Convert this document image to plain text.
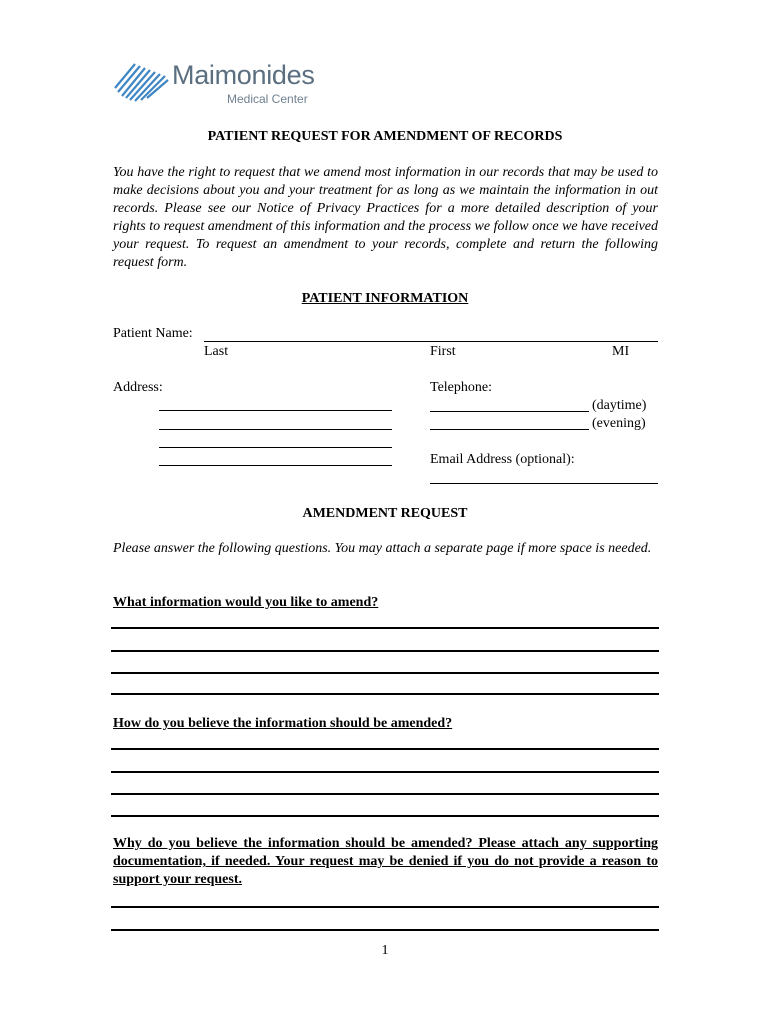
Maimonides
Medical Center
PATIENT REQUEST FOR AMENDMENT OF RECORDS
You have the right to request that we amend most information in our records that may be used to make decisions about you and your treatment for as long as we maintain the information in out records. Please see our Notice of Privacy Practices for a more detailed description of your rights to request amendment of this information and the process we follow once we have received your request. To request an amendment to your records, complete and return the following request form.
PATIENT INFORMATION
Patient Name:
Last	First	MI
Address:	Telephone:
(daytime)
(evening)
Email Address (optional):
AMENDMENT REQUEST
Please answer the following questions. You may attach a separate page if more space is needed.
What information would you like to amend?
How do you believe the information should be amended?
Why do you believe the information should be amended? Please attach any supporting documentation, if needed. Your request may be denied if you do not provide a reason to support your request.
1
